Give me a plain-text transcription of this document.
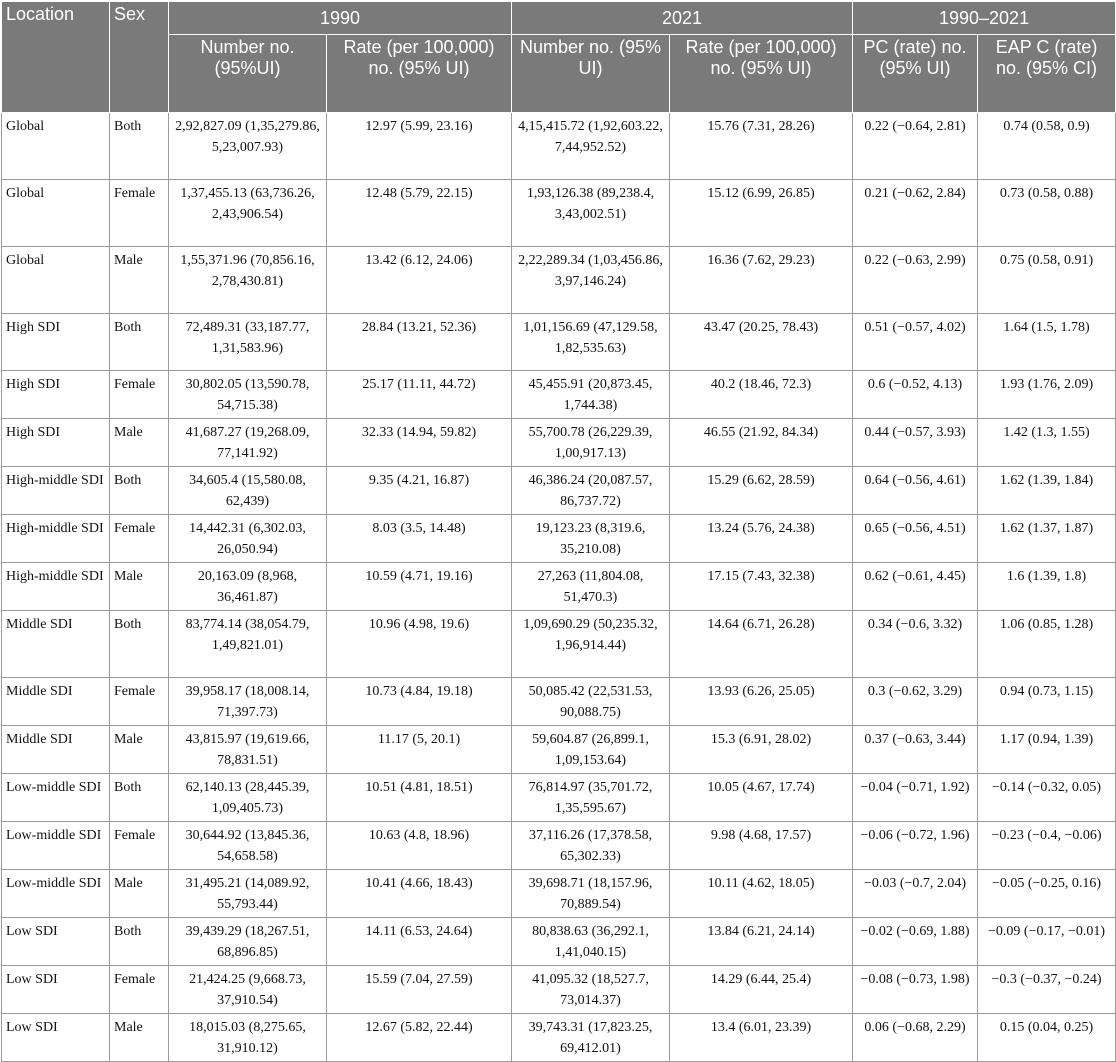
Location	Sex	1990		2021		1990–2021	
		Number no. (95%UI)	Rate (per 100,000) no. (95% UI)	Number no. (95% UI)	Rate (per 100,000) no. (95% UI)	PC (rate) no. (95% UI)	EAP C (rate) no. (95% CI)
Global	Both	2,92,827.09 (1,35,279.86, 5,23,007.93)	12.97 (5.99, 23.16)	4,15,415.72 (1,92,603.22, 7,44,952.52)	15.76 (7.31, 28.26)	0.22 (−0.64, 2.81)	0.74 (0.58, 0.9)
Global	Female	1,37,455.13 (63,736.26, 2,43,906.54)	12.48 (5.79, 22.15)	1,93,126.38 (89,238.4, 3,43,002.51)	15.12 (6.99, 26.85)	0.21 (−0.62, 2.84)	0.73 (0.58, 0.88)
Global	Male	1,55,371.96 (70,856.16, 2,78,430.81)	13.42 (6.12, 24.06)	2,22,289.34 (1,03,456.86, 3,97,146.24)	16.36 (7.62, 29.23)	0.22 (−0.63, 2.99)	0.75 (0.58, 0.91)
High SDI	Both	72,489.31 (33,187.77, 1,31,583.96)	28.84 (13.21, 52.36)	1,01,156.69 (47,129.58, 1,82,535.63)	43.47 (20.25, 78.43)	0.51 (−0.57, 4.02)	1.64 (1.5, 1.78)
High SDI	Female	30,802.05 (13,590.78, 54,715.38)	25.17 (11.11, 44.72)	45,455.91 (20,873.45, 1,744.38)	40.2 (18.46, 72.3)	0.6 (−0.52, 4.13)	1.93 (1.76, 2.09)
High SDI	Male	41,687.27 (19,268.09, 77,141.92)	32.33 (14.94, 59.82)	55,700.78 (26,229.39, 1,00,917.13)	46.55 (21.92, 84.34)	0.44 (−0.57, 3.93)	1.42 (1.3, 1.55)
High-middle SDI	Both	34,605.4 (15,580.08, 62,439)	9.35 (4.21, 16.87)	46,386.24 (20,087.57, 86,737.72)	15.29 (6.62, 28.59)	0.64 (−0.56, 4.61)	1.62 (1.39, 1.84)
High-middle SDI	Female	14,442.31 (6,302.03, 26,050.94)	8.03 (3.5, 14.48)	19,123.23 (8,319.6, 35,210.08)	13.24 (5.76, 24.38)	0.65 (−0.56, 4.51)	1.62 (1.37, 1.87)
High-middle SDI	Male	20,163.09 (8,968, 36,461.87)	10.59 (4.71, 19.16)	27,263 (11,804.08, 51,470.3)	17.15 (7.43, 32.38)	0.62 (−0.61, 4.45)	1.6 (1.39, 1.8)
Middle SDI	Both	83,774.14 (38,054.79, 1,49,821.01)	10.96 (4.98, 19.6)	1,09,690.29 (50,235.32, 1,96,914.44)	14.64 (6.71, 26.28)	0.34 (−0.6, 3.32)	1.06 (0.85, 1.28)
Middle SDI	Female	39,958.17 (18,008.14, 71,397.73)	10.73 (4.84, 19.18)	50,085.42 (22,531.53, 90,088.75)	13.93 (6.26, 25.05)	0.3 (−0.62, 3.29)	0.94 (0.73, 1.15)
Middle SDI	Male	43,815.97 (19,619.66, 78,831.51)	11.17 (5, 20.1)	59,604.87 (26,899.1, 1,09,153.64)	15.3 (6.91, 28.02)	0.37 (−0.63, 3.44)	1.17 (0.94, 1.39)
Low-middle SDI	Both	62,140.13 (28,445.39, 1,09,405.73)	10.51 (4.81, 18.51)	76,814.97 (35,701.72, 1,35,595.67)	10.05 (4.67, 17.74)	−0.04 (−0.71, 1.92)	−0.14 (−0.32, 0.05)
Low-middle SDI	Female	30,644.92 (13,845.36, 54,658.58)	10.63 (4.8, 18.96)	37,116.26 (17,378.58, 65,302.33)	9.98 (4.68, 17.57)	−0.06 (−0.72, 1.96)	−0.23 (−0.4, −0.06)
Low-middle SDI	Male	31,495.21 (14,089.92, 55,793.44)	10.41 (4.66, 18.43)	39,698.71 (18,157.96, 70,889.54)	10.11 (4.62, 18.05)	−0.03 (−0.7, 2.04)	−0.05 (−0.25, 0.16)
Low SDI	Both	39,439.29 (18,267.51, 68,896.85)	14.11 (6.53, 24.64)	80,838.63 (36,292.1, 1,41,040.15)	13.84 (6.21, 24.14)	−0.02 (−0.69, 1.88)	−0.09 (−0.17, −0.01)
Low SDI	Female	21,424.25 (9,668.73, 37,910.54)	15.59 (7.04, 27.59)	41,095.32 (18,527.7, 73,014.37)	14.29 (6.44, 25.4)	−0.08 (−0.73, 1.98)	−0.3 (−0.37, −0.24)
Low SDI	Male	18,015.03 (8,275.65, 31,910.12)	12.67 (5.82, 22.44)	39,743.31 (17,823.25, 69,412.01)	13.4 (6.01, 23.39)	0.06 (−0.68, 2.29)	0.15 (0.04, 0.25)
